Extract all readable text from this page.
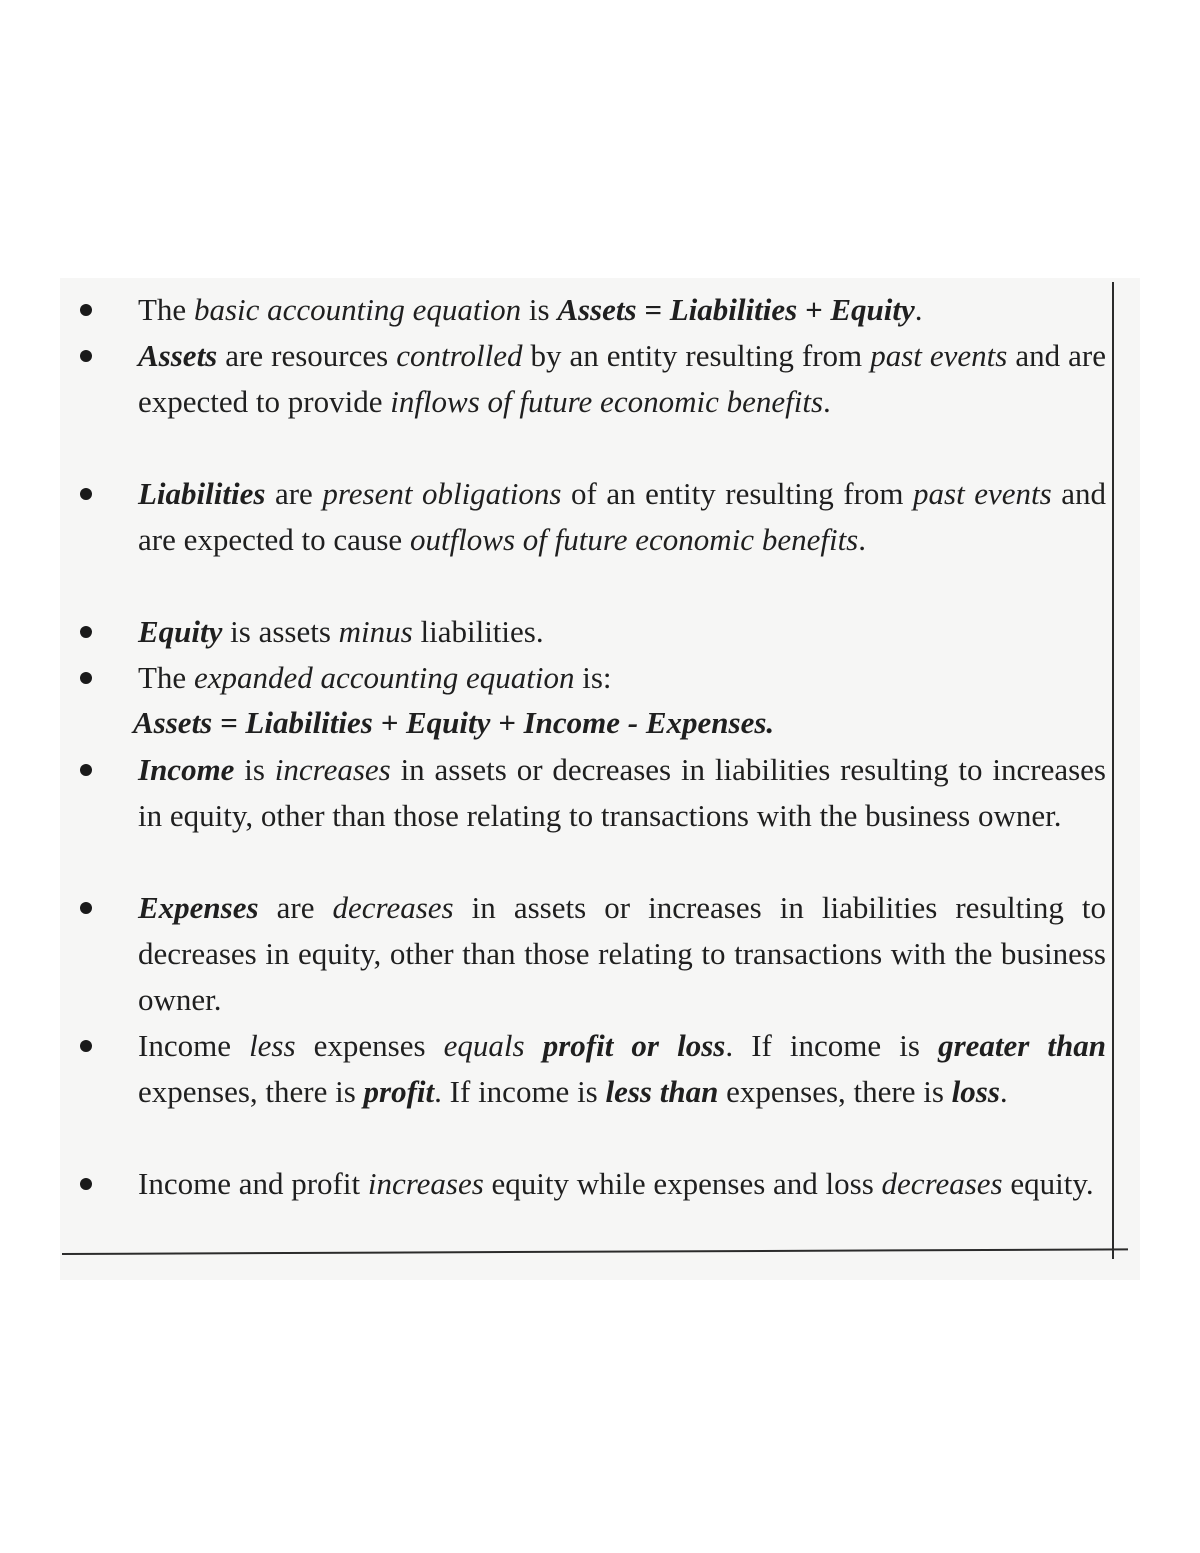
The basic accounting equation is Assets = Liabilities + Equity.
Assets are resources controlled by an entity resulting from past events and are expected to provide inflows of future economic benefits.
Liabilities are present obligations of an entity resulting from past events and are expected to cause outflows of future economic benefits.
Equity is assets minus liabilities.
The expanded accounting equation is:
Assets = Liabilities + Equity + Income - Expenses.
Income is increases in assets or decreases in liabilities resulting to increases in equity, other than those relating to transactions with the business owner.
Expenses are decreases in assets or increases in liabilities resulting to decreases in equity, other than those relating to transactions with the business owner.
Income less expenses equals profit or loss. If income is greater than expenses, there is profit. If income is less than expenses, there is loss.
Income and profit increases equity while expenses and loss decreases equity.
